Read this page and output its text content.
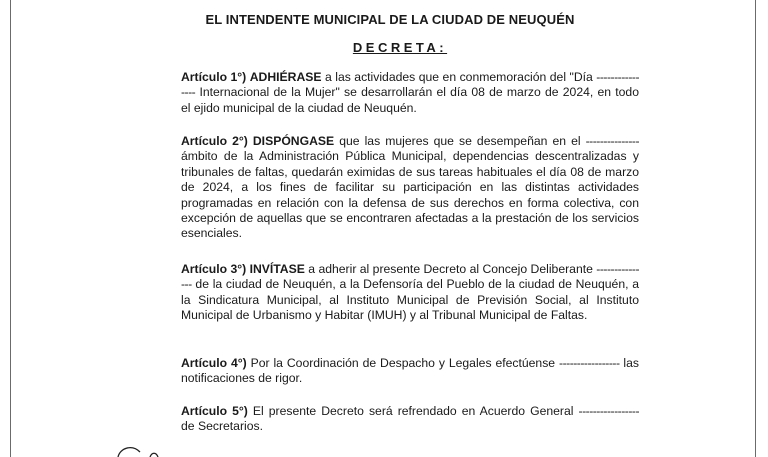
EL INTENDENTE MUNICIPAL DE LA CIUDAD DE NEUQUÉN
DECRETA:
Artículo 1°) ADHIÉRASE a las actividades que en conmemoración del "Día ---------------- Internacional de la Mujer" se desarrollarán el día 08 de marzo de 2024, en todo el ejido municipal de la ciudad de Neuquén.
Artículo 2°) DISPÓNGASE que las mujeres que se desempeñan en el --------------- ámbito de la Administración Pública Municipal, dependencias descentralizadas y tribunales de faltas, quedarán eximidas de sus tareas habituales el día 08 de marzo de 2024, a los fines de facilitar su participación en las distintas actividades programadas en relación con la defensa de sus derechos en forma colectiva, con excepción de aquellas que se encontraren afectadas a la prestación de los servicios esenciales.
Artículo 3°) INVÍTASE a adherir al presente Decreto al Concejo Deliberante --------------- de la ciudad de Neuquén, a la Defensoría del Pueblo de la ciudad de Neuquén, a la Sindicatura Municipal, al Instituto Municipal de Previsión Social, al Instituto Municipal de Urbanismo y Habitar (IMUH) y al Tribunal Municipal de Faltas.
Artículo 4°) Por la Coordinación de Despacho y Legales efectúense ----------------- las notificaciones de rigor.
Artículo 5°) El presente Decreto será refrendado en Acuerdo General ----------------- de Secretarios.
